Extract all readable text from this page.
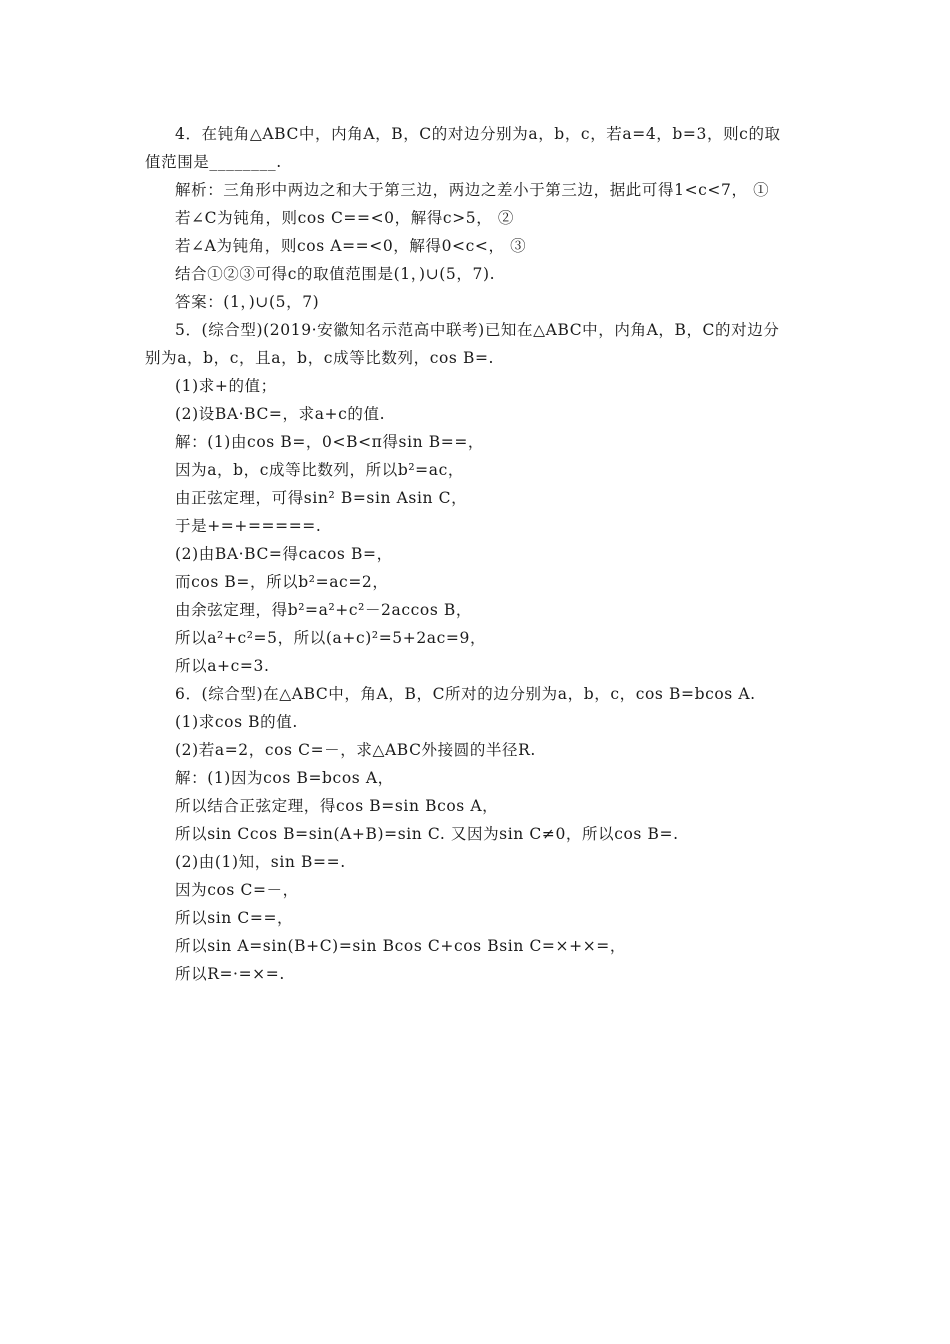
4．在钝角△ABC中，内角A，B，C的对边分别为a，b，c，若a=4，b=3，则c的取
值范围是________.
解析：三角形中两边之和大于第三边，两边之差小于第三边，据此可得1<c<7， ①
若∠C为钝角，则cos C==<0，解得c>5， ②
若∠A为钝角，则cos A==<0，解得0<c<， ③
结合①②③可得c的取值范围是(1，)∪(5，7).
答案：(1，)∪(5，7)
5．(综合型)(2019·安徽知名示范高中联考)已知在△ABC中，内角A，B，C的对边分
别为a，b，c，且a，b，c成等比数列，cos B=.
(1)求+的值；
(2)设BA·BC=，求a+c的值.
解：(1)由cos B=，0<B<π得sin B==，
因为a，b，c成等比数列，所以b²=ac，
由正弦定理，可得sin² B=sin Asin C，
于是+=+=====.
(2)由BA·BC=得cacos B=，
而cos B=，所以b²=ac=2，
由余弦定理，得b²=a²+c²－2accos B，
所以a²+c²=5，所以(a+c)²=5+2ac=9，
所以a+c=3.
6．(综合型)在△ABC中，角A，B，C所对的边分别为a，b，c，cos B=bcos A.
(1)求cos B的值.
(2)若a=2，cos C=－，求△ABC外接圆的半径R.
解：(1)因为cos B=bcos A，
所以结合正弦定理，得cos B=sin Bcos A，
所以sin Ccos B=sin(A+B)=sin C. 又因为sin C≠0，所以cos B=.
(2)由(1)知，sin B==.
因为cos C=－，
所以sin C==，
所以sin A=sin(B+C)=sin Bcos C+cos Bsin C=×+×=，
所以R=·=×=.
